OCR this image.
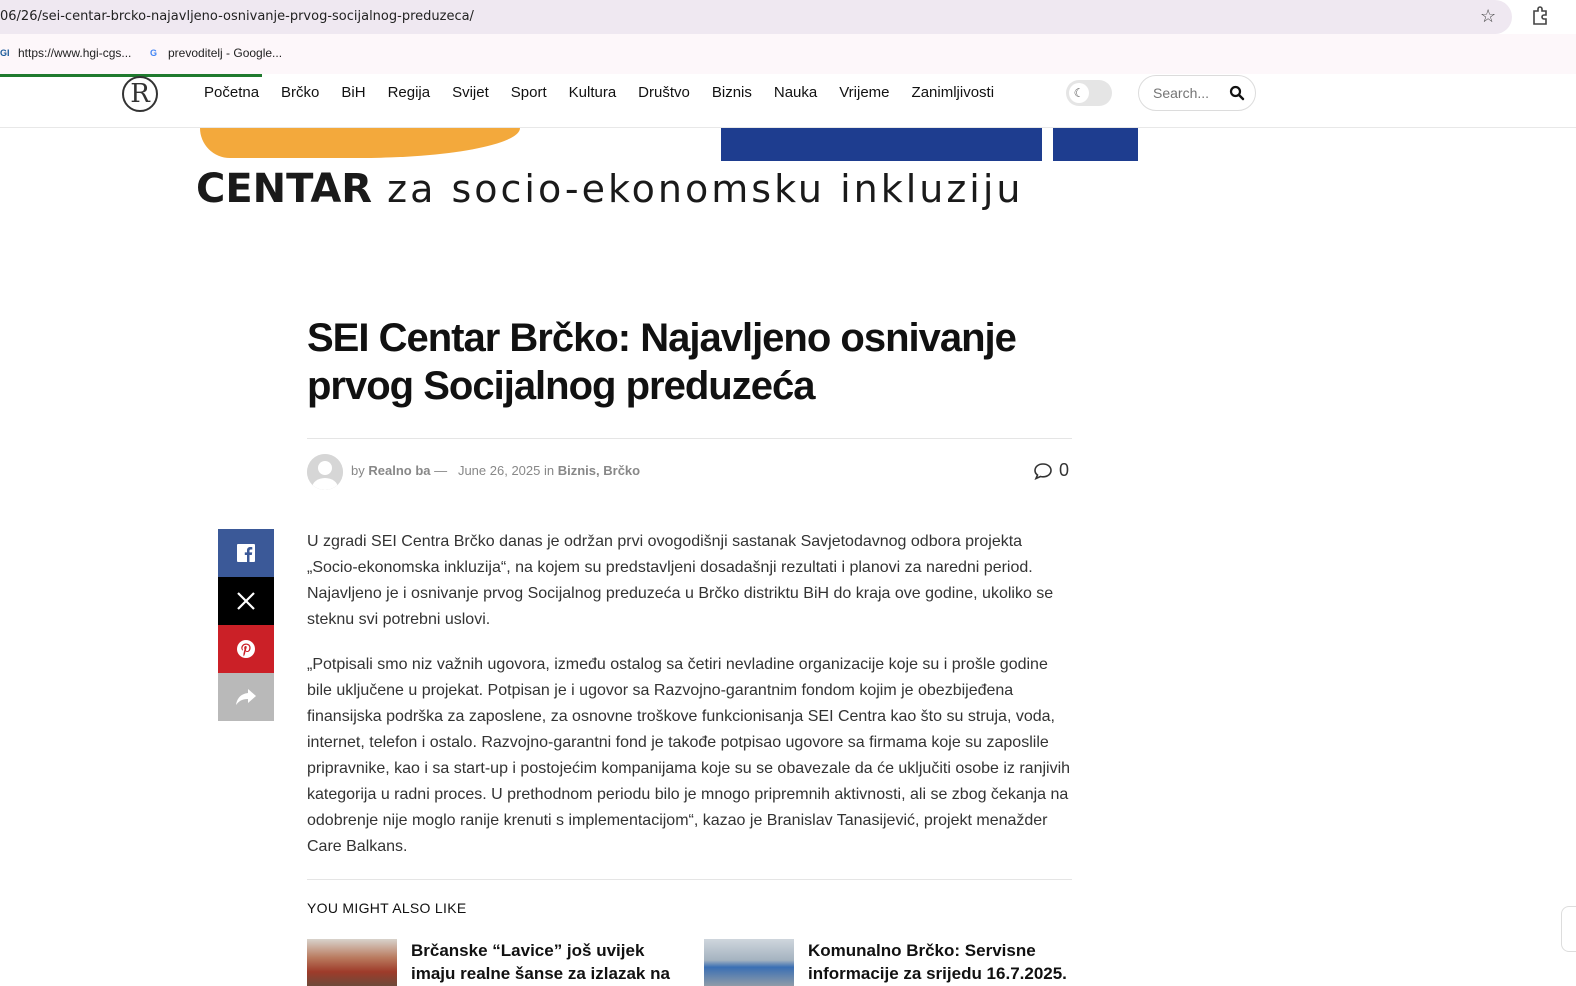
06/26/sei-centar-brcko-najavljeno-osnivanje-prvog-socijalnog-preduzeca/	☆
GI https://www.hgi-cgs... G prevoditelj - Google...
R	Početna Brčko BiH Regija Svijet Sport Kultura Društvo Biznis Nauka Vrijeme Zanimljivosti	☾
Search...
CENTAR za socio-ekonomsku inkluziju
SEI Centar Brčko: Najavljeno osnivanje prvog Socijalnog preduzeća
by Realno ba — June 26, 2025 in Biznis, Brčko	0

U zgradi SEI Centra Brčko danas je održan prvi ovogodišnji sastanak Savjetodavnog odbora projekta „Socio-ekonomska inkluzija“, na kojem su predstavljeni dosadašnji rezultati i planovi za naredni period. Najavljeno je i osnivanje prvog Socijalnog preduzeća u Brčko distriktu BiH do kraja ove godine, ukoliko se steknu svi potrebni uslovi.

„Potpisali smo niz važnih ugovora, između ostalog sa četiri nevladine organizacije koje su i prošle godine bile uključene u projekat. Potpisan je i ugovor sa Razvojno-garantnim fondom kojim je obezbijeđena finansijska podrška za zaposlene, za osnovne troškove funkcionisanja SEI Centra kao što su struja, voda, internet, telefon i ostalo. Razvojno-garantni fond je takođe potpisao ugovore sa firmama koje su zaposlile pripravnike, kao i sa start-up i postojećim kompanijama koje su se obavezale da će uključiti osobe iz ranjivih kategorija u radni proces. U prethodnom periodu bilo je mnogo pripremnih aktivnosti, ali se zbog čekanja na odobrenje nije moglo ranije krenuti s implementacijom“, kazao je Branislav Tanasijević, projekt menažder Care Balkans.

YOU MIGHT ALSO LIKE
Brčanske “Lavice” još uvijek imaju realne šanse za izlazak na
Komunalno Brčko: Servisne informacije za srijedu 16.7.2025.
